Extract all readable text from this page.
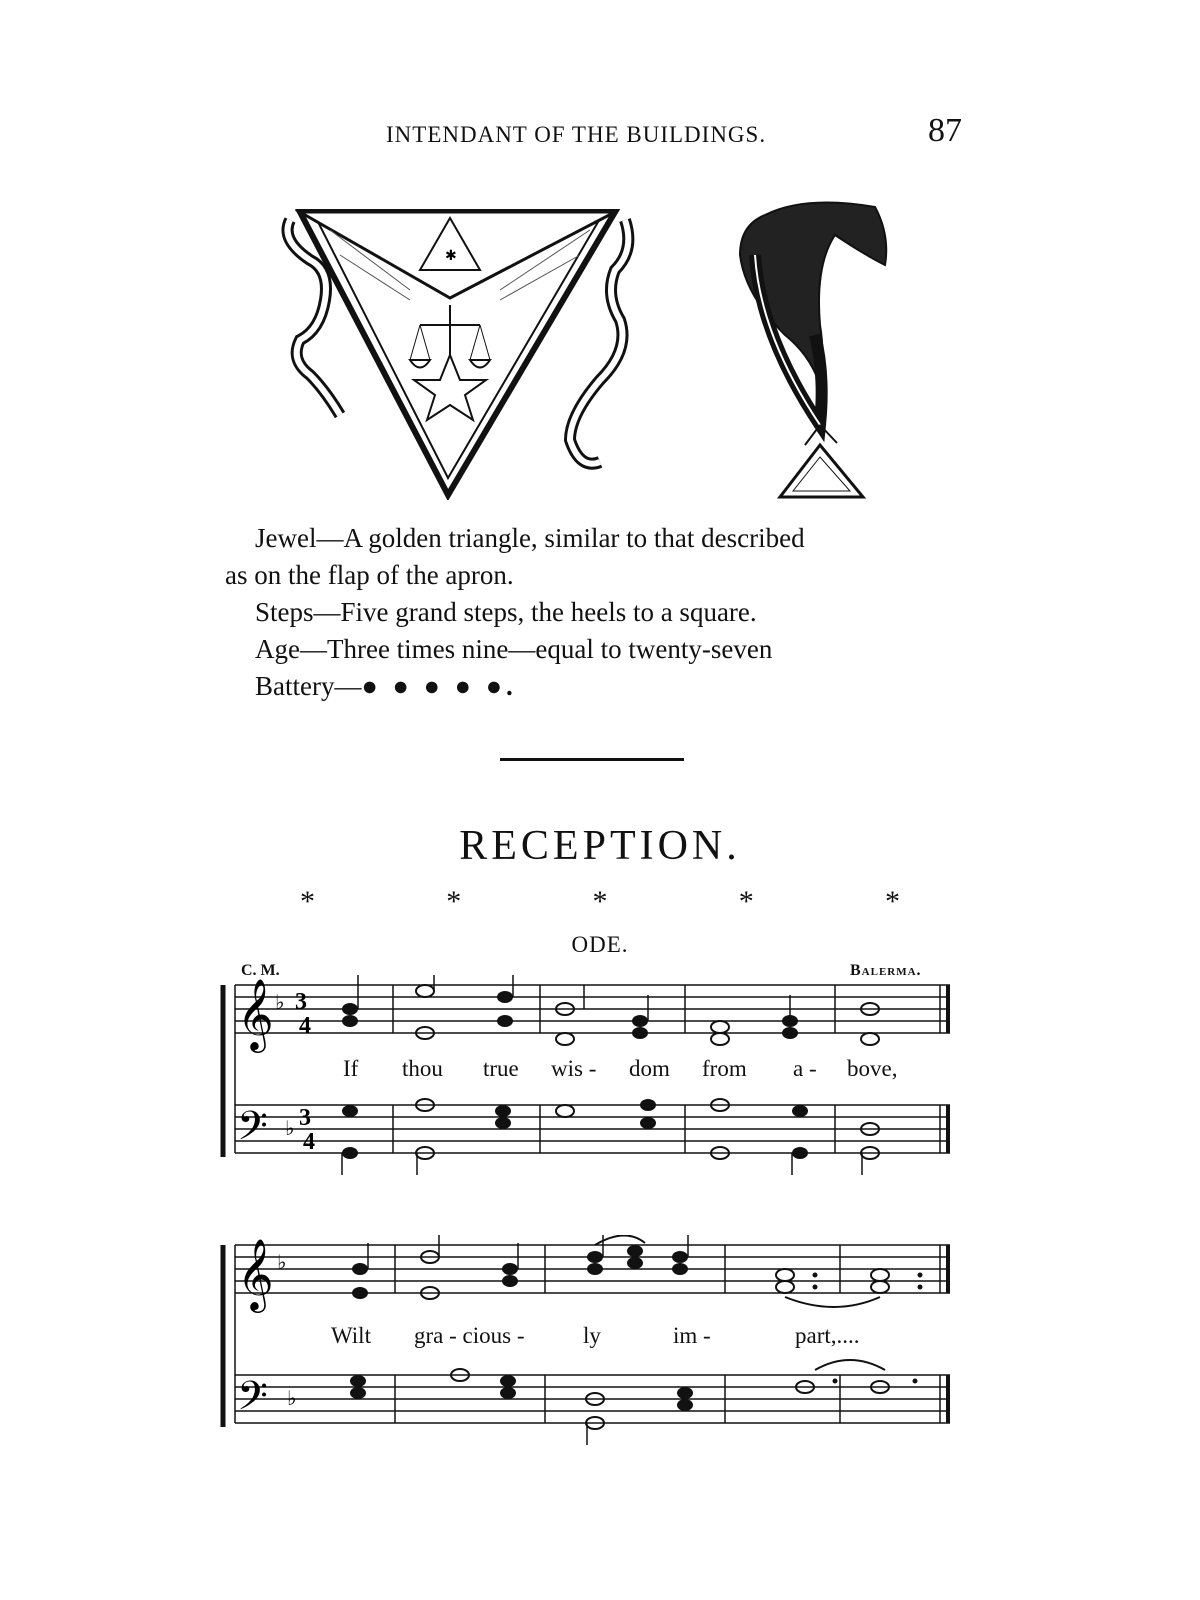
INTENDANT OF THE BUILDINGS.	87
✱

Jewel—A golden triangle, similar to that described

as on the flap of the apron.

Steps—Five grand steps, the heels to a square.

Age—Three times nine—equal to twenty-seven

Battery—● ● ● ● ●.

RECEPTION.
*	*	*	*	*
ODE.
C. M.	Balerma.
𝄞
𝄢
♭
♭
3
4
3
4
If thou true wis - dom from a - bove,
𝄞
𝄢
♭
♭
Wilt gra - cious -	ly	im -	part,....
